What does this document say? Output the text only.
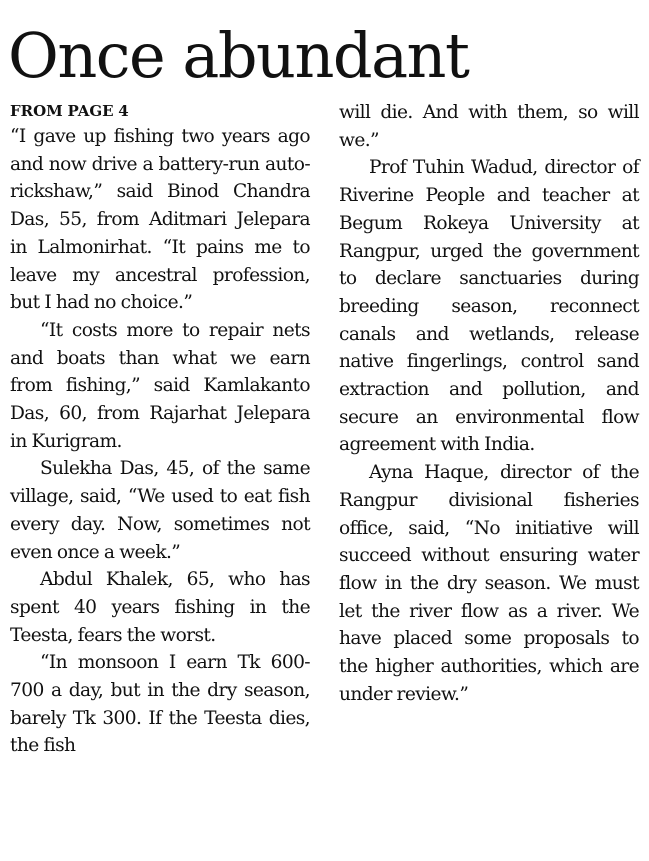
Once abundant
FROM PAGE 4

“I gave up fishing two years ago and now drive a battery-run auto-rickshaw,” said Binod Chandra Das, 55, from Aditmari Jelepara in Lalmonirhat. “It pains me to leave my ancestral profession, but I had no choice.”

“It costs more to repair nets and boats than what we earn from fishing,” said Kamlakanto Das, 60, from Rajarhat Jelepara in Kurigram.

Sulekha Das, 45, of the same village, said, “We used to eat fish every day. Now, sometimes not even once a week.”

Abdul Khalek, 65, who has spent 40 years fishing in the Teesta, fears the worst.

“In monsoon I earn Tk 600-700 a day, but in the dry season, barely Tk 300. If the Teesta dies, the fish

will die. And with them, so will we.”

Prof Tuhin Wadud, director of Riverine People and teacher at Begum Rokeya University at Rangpur, urged the government to declare sanctuaries during breeding season, reconnect canals and wetlands, release native fingerlings, control sand extraction and pollution, and secure an environmental flow agreement with India.

Ayna Haque, director of the Rangpur divisional fisheries office, said, “No initiative will succeed without ensuring water flow in the dry season. We must let the river flow as a river. We have placed some proposals to the higher authorities, which are under review.”
